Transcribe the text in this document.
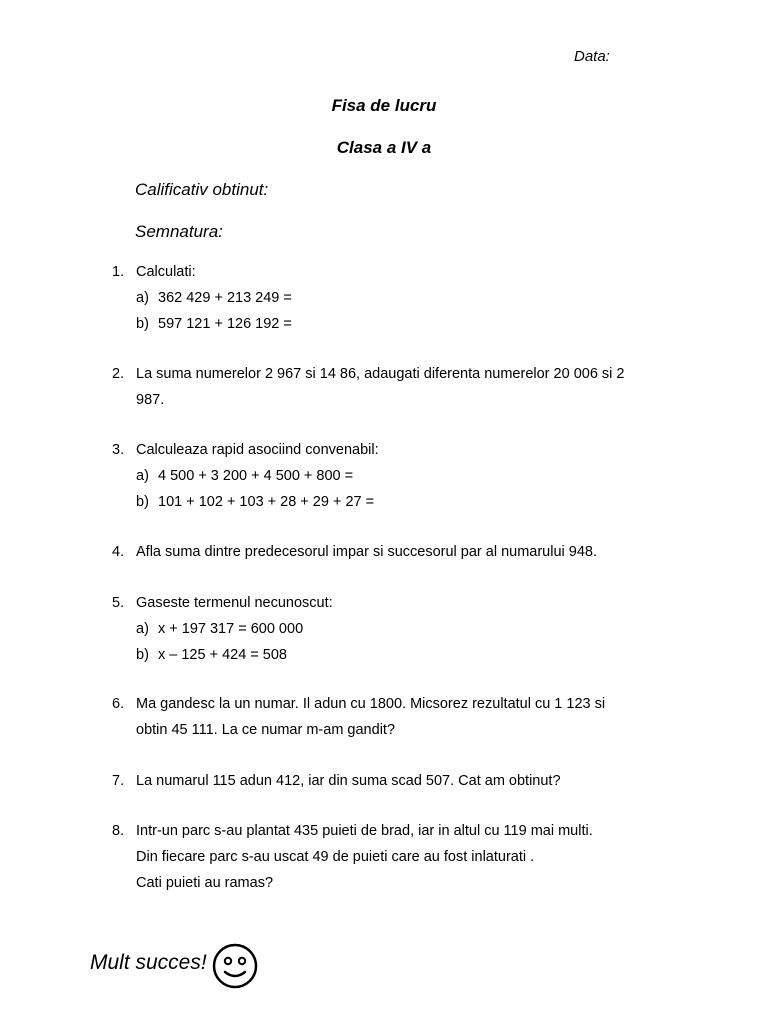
Data:
Fisa de lucru
Clasa a IV a
Calificativ obtinut:
Semnatura:
1. Calculati:
a) 362 429 + 213 249 =
b) 597 121 + 126 192 =
2. La suma numerelor 2 967 si 14 86, adaugati diferenta numerelor 20 006 si 2
987.
3. Calculeaza rapid asociind convenabil:
a) 4 500 + 3 200 + 4 500 + 800 =
b) 101 + 102 + 103 + 28 + 29 + 27 =
4. Afla suma dintre predecesorul impar si succesorul par al numarului 948.
5. Gaseste termenul necunoscut:
a) x + 197 317 = 600 000
b) x – 125 + 424 = 508
6. Ma gandesc la un numar. Il adun cu 1800. Micsorez rezultatul cu 1 123 si
obtin 45 111. La ce numar m-am gandit?
7. La numarul 115 adun 412, iar din suma scad 507. Cat am obtinut?
8. Intr-un parc s-au plantat 435 puieti de brad, iar in altul cu 119 mai multi.
Din fiecare parc s-au uscat 49 de puieti care au fost inlaturati .
Cati puieti au ramas?
Mult succes!
